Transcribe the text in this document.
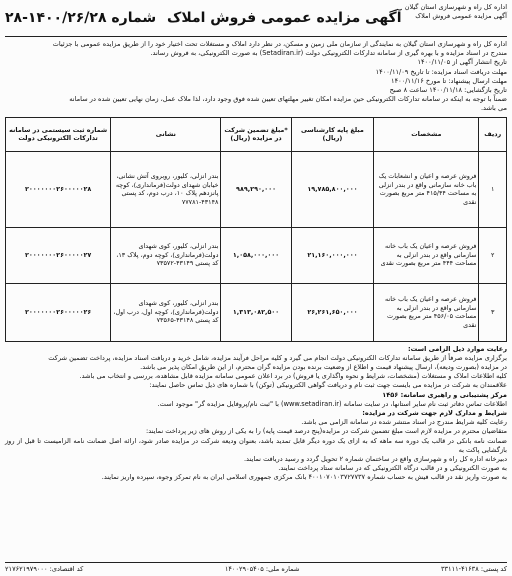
اداره کل راه و شهرسازی استان گیلان
آگهی مزایده عمومی فروش املاک
آگهی مزایده عمومی فروش املاک شماره ۱۴۰۰/۲۶/۲۸-۲۸

اداره کل راه و شهرسازی استان گیلان به نمایندگی از سازمان ملی زمین و مسکن، در نظر دارد املاک و مستغلات تحت اختیار خود را از طریق مزایده عمومی با جزئیات

مندرج در اسناد مزایده و با بهره گیری از سامانه تدارکات الکترونیکی دولت (Setadiran.ir) به صورت الکترونیکی، به فروش رساند.

تاریخ انتشار آگهی از ۱۴۰۰/۱۱/۰۵

مهلت دریافت اسناد مزایده: تا تاریخ ۱۴۰۰/۱۱/۰۹

مهلت ارسال پیشنهاد: تا مورخ ۱۴۰۰/۱۱/۱۶

تاریخ بازگشایی: ۱۴۰۰/۱۱/۱۸ ساعت ۸ صبح

ضمناً با توجه به اینکه در سامانه تدارکات الکترونیکی حین مزایده امکان تغییر مهلتهای تعیین شده فوق وجود دارد، لذا ملاک عمل، زمان نهایی تعیین شده در سامانه

می باشد.

ردیف	مشخصات	مبلغ پایه کارشناسی (ریال)	*مبلغ تضمین شرکت در مزایده (ریال)	نشانی	شماره ثبت سیستمی در سامانه تدارکات الکترونیکی دولت
۱	فروش عرصه و اعیان و انشعابات یک باب خانه سازمانی واقع در بندر انزلی به مساحت ۴۱۵/۴۴ متر مربع بصورت نقدی	۱۹,۷۸۵,۸۰۰,۰۰۰	۹۸۹,۲۹۰,۰۰۰	بندر انزلی، کلیور، روبروی آتش نشانی، خیابان شهدای دولت(فرمانداری)، کوچه پانزدهم پلاک ۱۰، درب دوم، کد پستی ۴۳۱۴۸-۷۷۷۸۱	۲۰۰۰۰۰۰۰۲۶۰۰۰۰۰۲۸
۲	فروش عرصه و اعیان یک باب خانه سازمانی واقع در بندر انزلی به مساحت ۴۴۴ متر مربع بصورت نقدی	۲۱,۱۶۰,۰۰۰,۰۰۰	۱,۰۵۸,۰۰۰,۰۰۰	بندر انزلی، کلیور، کوی شهدای دولت(فرمانداری)، کوچه دوم، پلاک ۱۳، کد پستی ۴۳۱۴۹-۷۳۵۷۲	۲۰۰۰۰۰۰۰۲۶۰۰۰۰۰۲۷
۳	فروش عرصه و اعیان یک باب خانه سازمانی واقع در بندر انزلی به مساحت ۴۵۶/۰۵ متر مربع بصورت نقدی	۲۶,۲۶۱,۶۵۰,۰۰۰	۱,۳۱۳,۰۸۲,۵۰۰	بندر انزلی، کلیور، کوی شهدای دولت(فرمانداری)، کوچه اول، درب اول، کد پستی ۴۳۱۴۸-۷۳۵۶۵	۲۰۰۰۰۰۰۰۲۶۰۰۰۰۰۲۶

رعایت موارد ذیل الزامی است:

برگزاری مزایده صرفاً از طریق سامانه تدارکات الکترونیکی دولت انجام می گیرد و کلیه مراحل فرآیند مزایده، شامل خرید و دریافت اسناد مزایده، پرداخت تضمین شرکت

در مزایده (بصورت ودیعه)، ارسال پیشنهاد قیمت و اطلاع از وضعیت برنده بودن مزایده گران محترم، از این طریق امکان پذیر می باشد.

کلیه اطلاعات املاک و مستغلات (مشخصات، شرایط و نحوه واگذاری یا فروش) در برد اعلان عمومی سامانه مزایده قابل مشاهده، بررسی و انتخاب می باشد.

علاقمندان به شرکت در مزایده می بایست جهت ثبت نام و دریافت گواهی الکترونیکی (توکن) با شماره های ذیل تماس حاصل نمایند:

مرکز پشتیبانی و راهبری سامانه: ۱۴۵۶

اطلاعات تماس دفاتر ثبت نام سایر استانها، در سایت سامانه (www.setadiran.ir) با "ثبت نام/پروفایل مزایده گر" موجود است.

شرایط و مدارک لازم جهت شرکت در مزایده:

رعایت کلیه شرایط مندرج در اسناد منتشر شده در سامانه الزامی می باشد.

متقاضیان محترم در مزایده لازم است مبلغ تضمین شرکت در مزایده(پنج درصد قیمت پایه) را به یکی از روش های زیر پرداخت نمایند:

ضمانت نامه بانکی در قالب یک دوره سه ماهه که به ازای یک دوره دیگر قابل تمدید باشد، بعنوان ودیعه شرکت در مزایده صادر شود، ارائه اصل ضمانت نامه الزامیست تا قبل از روز بازگشایی پاکت به

دبیرخانه اداره کل راه و شهرسازی واقع در ساختمان شماره ۲ تحویل گردد و رسید دریافت نمایند.

به صورت الکترونیکی و در قالب درگاه الکترونیکی که در سامانه ستاد پرداخت نمایند.

به صورت واریز نقد در قالب فیش به حساب شماره ۴۰۰۱۰۷۰۱۰۳۷۲۷۷۳۷ بانک مرکزی جمهوری اسلامی ایران به نام تمرکز وجوه، سپرده واریز نمایند.

کد پستی: ۴۱۶۳۸-۳۳۱۱۱
شماره ملی: ۱۴۰۰۲۹۰۵۴۰۵
کد اقتصادی: ۲۱۷۶۲۱۹۷۹۰۰۰
